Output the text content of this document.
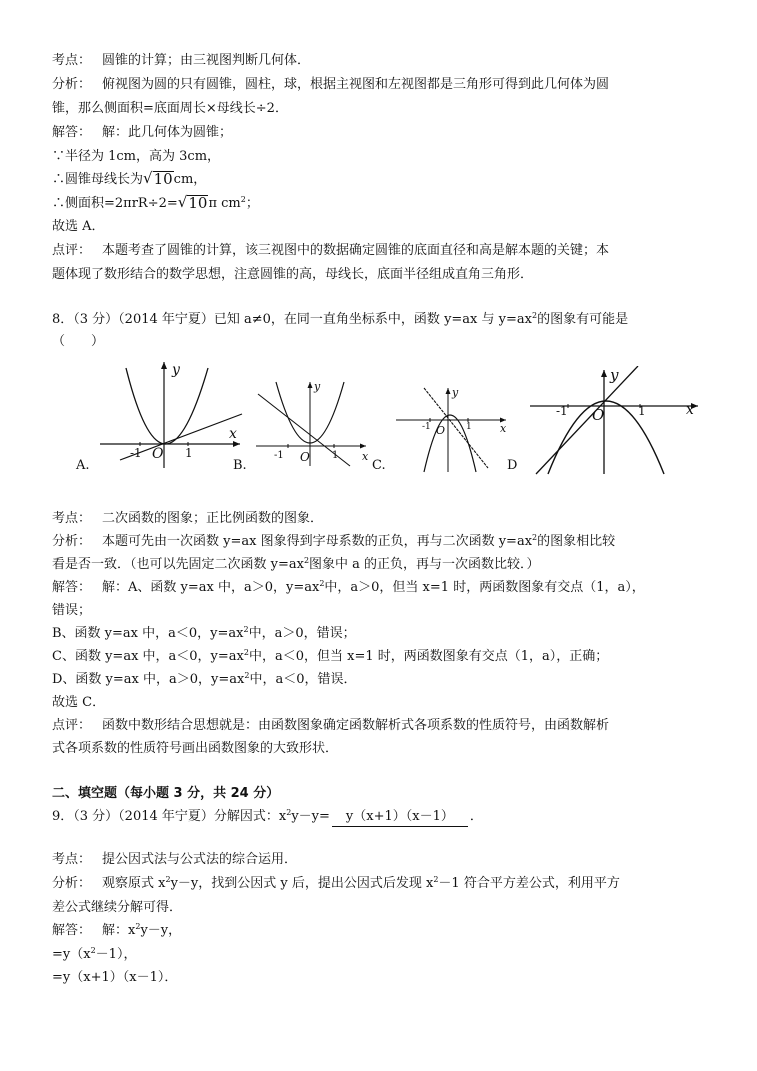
考点： 圆锥的计算；由三视图判断几何体．
分析： 俯视图为圆的只有圆锥，圆柱，球，根据主视图和左视图都是三角形可得到此几何体为圆
锥，那么侧面积=底面周长×母线长÷2．
解答： 解：此几何体为圆锥；
∵半径为 1cm，高为 3cm，
∴圆锥母线长为 √ 10 cm，
∴侧面积=2πrR÷2= √ 10 π $cm^2$；
故选 A．
点评： 本题考查了圆锥的计算，该三视图中的数据确定圆锥的底面直径和高是解本题的关键；本
题体现了数形结合的数学思想，注意圆锥的高，母线长，底面半径组成直角三角形．
8．（3 分）（2014 年宁夏）已知 a≠0，在同一直角坐标系中，函数 y=ax 与 $y=ax^2$的图象有可能是
（　　）
y
x
-1 O 1
A.
y
x
-1 O 1
B.
y
x
-1 O 1
C.
y
x
-1 O	1
D
考点： 二次函数的图象；正比例函数的图象．
分析： 本题可先由一次函数 y=ax 图象得到字母系数的正负，再与二次函数 $y=ax^2$的图象相比较
看是否一致．（也可以先固定二次函数 $y=ax^2$图象中 a 的正负，再与一次函数比较．）
解答： 解：A、函数 y=ax 中，a＞0，$y=ax^2$中，a＞0，但当 x=1 时，两函数图象有交点（1，a），
错误；
B、函数 y=ax 中，a＜0，$y=ax^2$中，a＞0，错误；
C、函数 y=ax 中，a＜0，$y=ax^2$中，a＜0，但当 x=1 时，两函数图象有交点（1，a），正确；
D、函数 y=ax 中，a＞0，$y=ax^2$中，a＜0，错误．
故选 C．
点评： 函数中数形结合思想就是：由函数图象确定函数解析式各项系数的性质符号，由函数解析
式各项系数的性质符号画出函数图象的大致形状．
二、填空题（每小题 3 分，共 24 分）
9．（3 分）（2014 年宁夏）分解因式：$x^2y-y= y(x+1)(x-1)$ ．
考点： 提公因式法与公式法的综合运用．
分析： 观察原式 $x^2y-y$，找到公因式 y 后，提出公因式后发现 $x^2-1$ 符合平方差公式，利用平方
差公式继续分解可得．
解答： 解：$x^2y-y$，
$=y(x^2-1)$，
=y（x+1）（x－1）．
